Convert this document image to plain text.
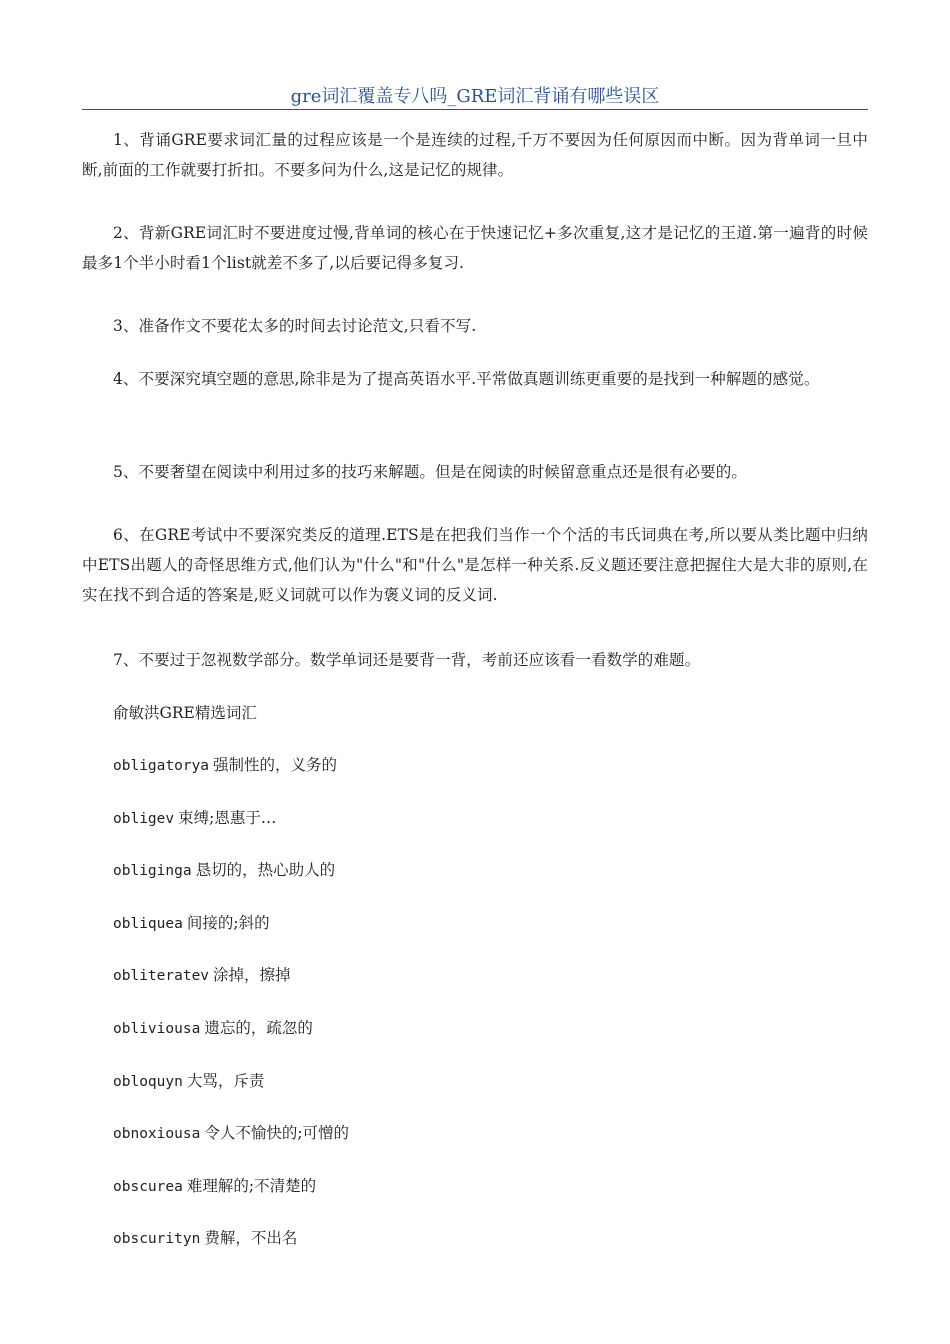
gre词汇覆盖专八吗_GRE词汇背诵有哪些误区

1、背诵GRE要求词汇量的过程应该是一个是连续的过程,千万不要因为任何原因而中断。因为背单词一旦中断,前面的工作就要打折扣。不要多问为什么,这是记忆的规律。

2、背新GRE词汇时不要进度过慢,背单词的核心在于快速记忆+多次重复,这才是记忆的王道.第一遍背的时候最多1个半小时看1个list就差不多了,以后要记得多复习.

3、准备作文不要花太多的时间去讨论范文,只看不写.

4、不要深究填空题的意思,除非是为了提高英语水平.平常做真题训练更重要的是找到一种解题的感觉。

5、不要奢望在阅读中利用过多的技巧来解题。但是在阅读的时候留意重点还是很有必要的。

6、在GRE考试中不要深究类反的道理.ETS是在把我们当作一个个活的韦氏词典在考,所以要从类比题中归纳中ETS出题人的奇怪思维方式,他们认为"什么"和"什么"是怎样一种关系.反义题还要注意把握住大是大非的原则,在实在找不到合适的答案是,贬义词就可以作为褒义词的反义词.

7、不要过于忽视数学部分。数学单词还是要背一背，考前还应该看一看数学的难题。

俞敏洪GRE精选词汇
obligatorya 强制性的，义务的
obligev 束缚;恩惠于…
obliginga 恳切的，热心助人的
obliquea 间接的;斜的
obliteratev 涂掉，擦掉
obliviousa 遗忘的，疏忽的
obloquyn 大骂，斥责
obnoxiousa 令人不愉快的;可憎的
obscurea 难理解的;不清楚的
obscurityn 费解，不出名
